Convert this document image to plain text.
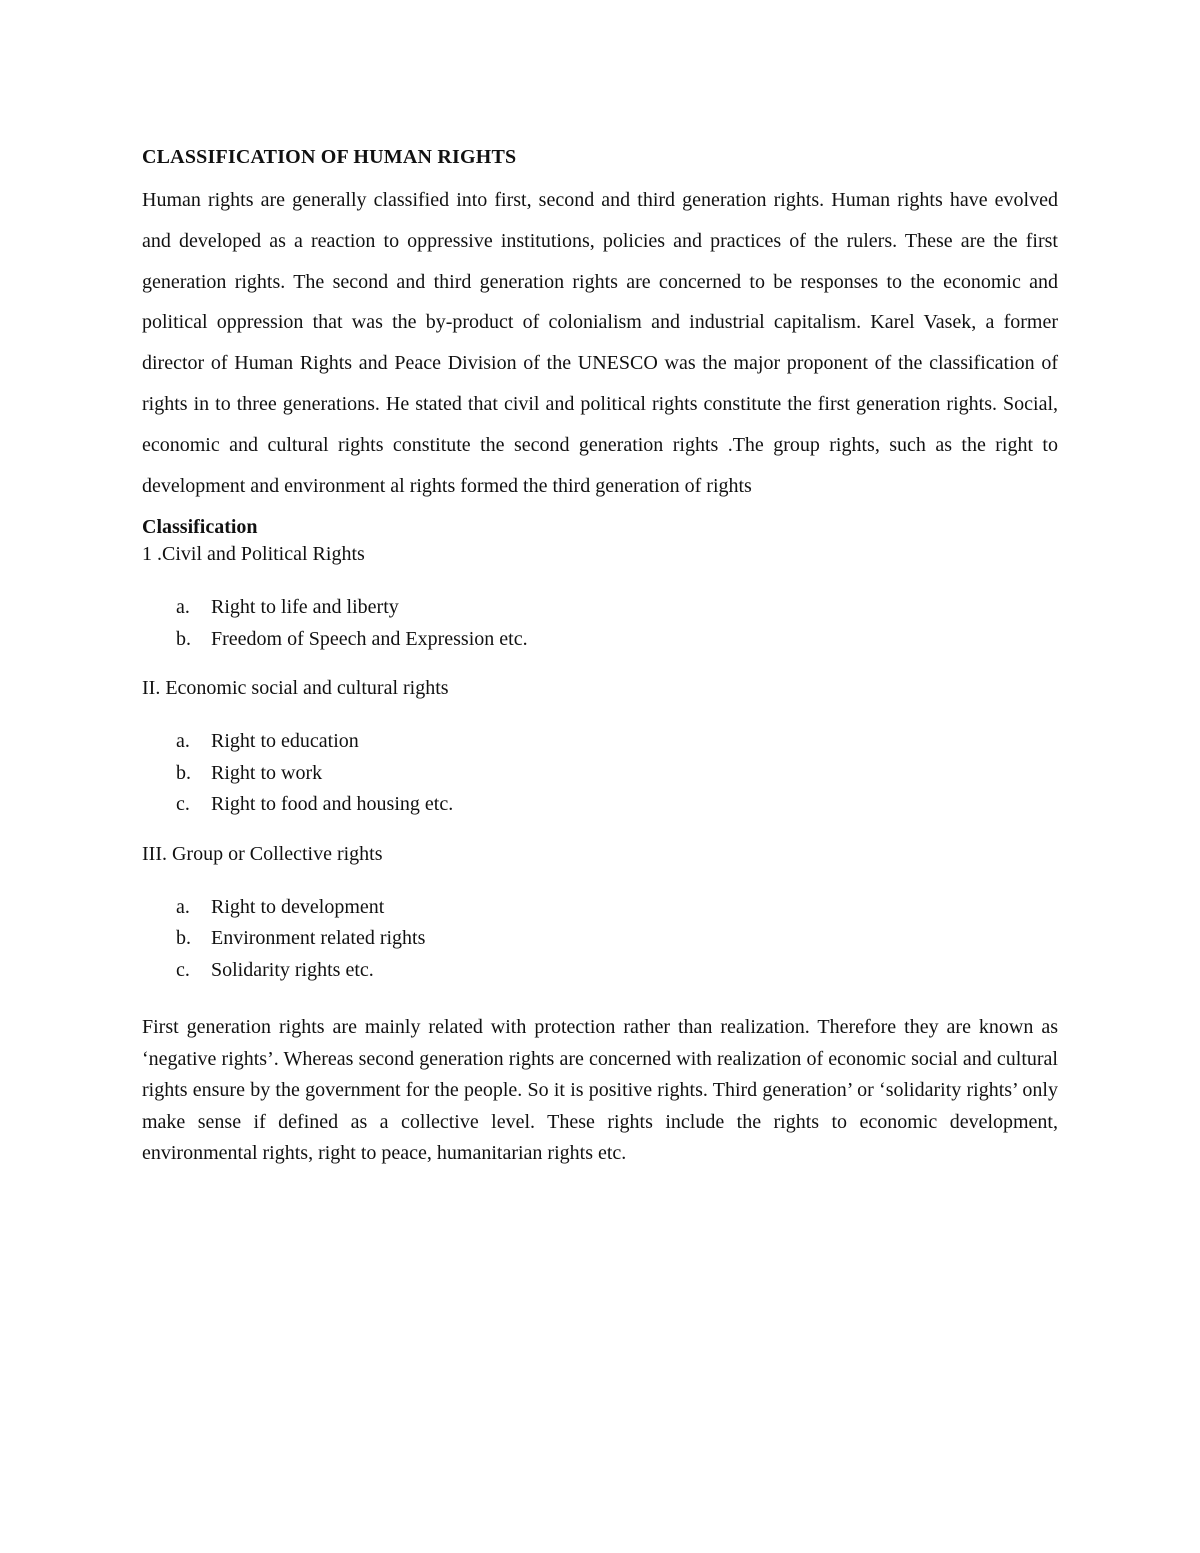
CLASSIFICATION OF HUMAN RIGHTS

Human rights are generally classified into first, second and third generation rights. Human rights have evolved and developed as a reaction to oppressive institutions, policies and practices of the rulers. These are the first generation rights. The second and third generation rights are concerned to be responses to the economic and political oppression that was the by-product of colonialism and industrial capitalism. Karel Vasek, a former director of Human Rights and Peace Division of the UNESCO was the major proponent of the classification of rights in to three generations. He stated that civil and political rights constitute the first generation rights. Social, economic and cultural rights constitute the second generation rights .The group rights, such as the right to development and environment al rights formed the third generation of rights

Classification

1 .Civil and Political Rights

a. Right to life and liberty
b. Freedom of Speech and Expression etc.

II. Economic social and cultural rights

a. Right to education
b. Right to work
c. Right to food and housing etc.

III. Group or Collective rights

a. Right to development
b. Environment related rights
c. Solidarity rights etc.

First generation rights are mainly related with protection rather than realization. Therefore they are known as ‘negative rights’. Whereas second generation rights are concerned with realization of economic social and cultural rights ensure by the government for the people. So it is positive rights. Third generation’ or ‘solidarity rights’ only make sense if defined as a collective level. These rights include the rights to economic development, environmental rights, right to peace, humanitarian rights etc.
